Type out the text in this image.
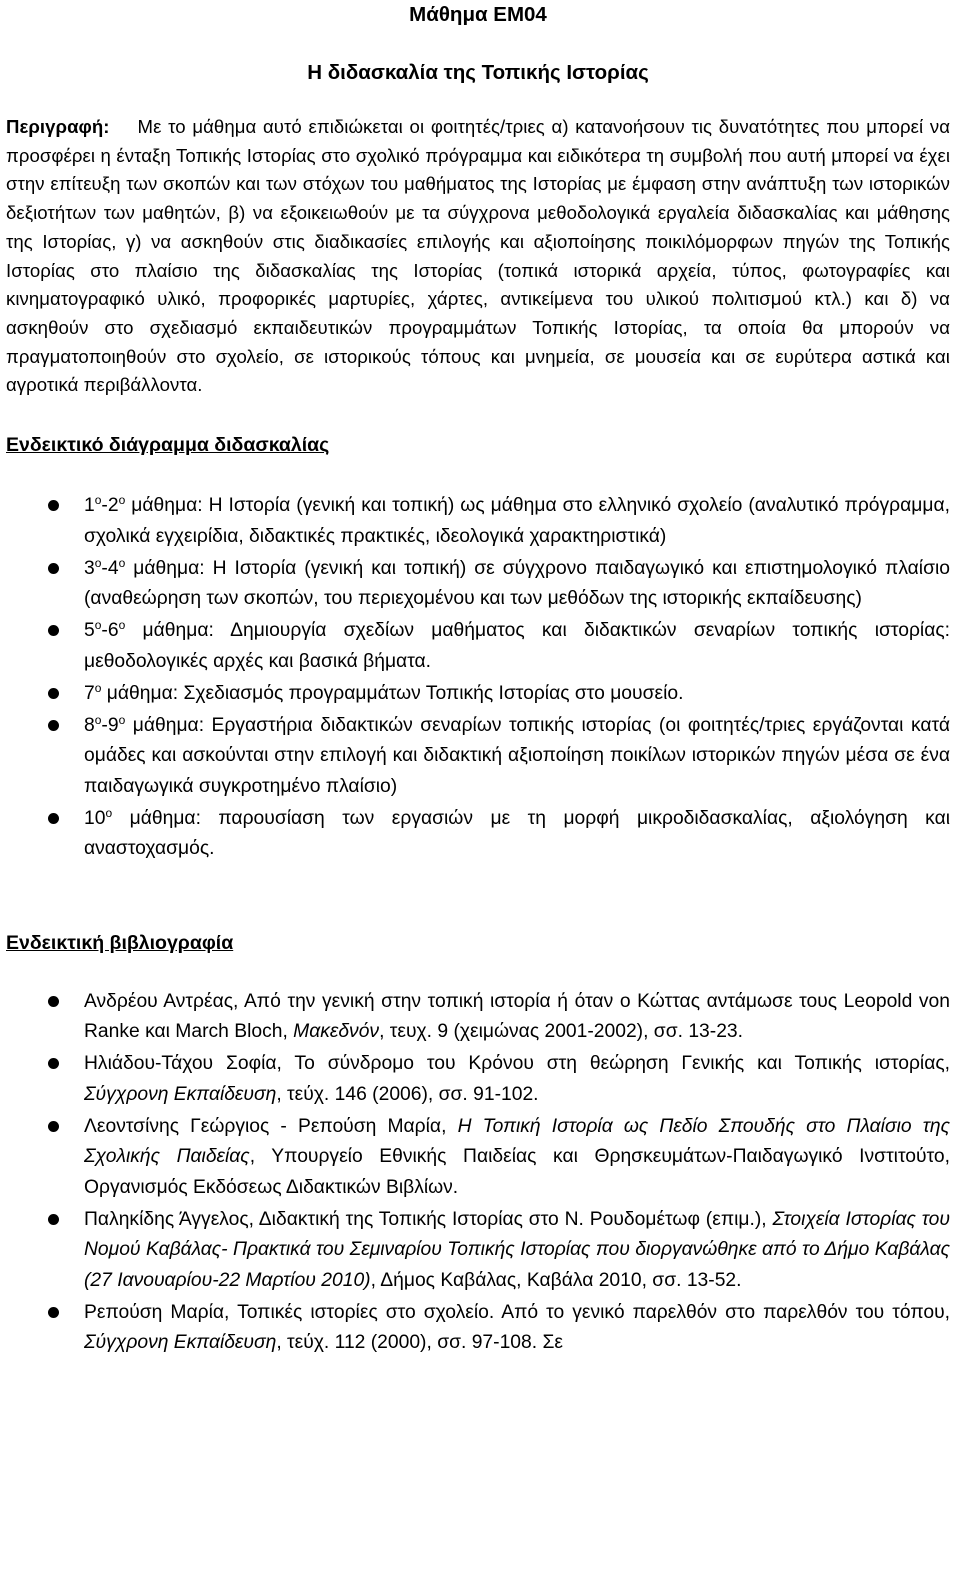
Μάθημα ΕΜ04
Η διδασκαλία της Τοπικής Ιστορίας

Περιγραφή: Με το μάθημα αυτό επιδιώκεται οι φοιτητές/τριες α) κατανοήσουν τις δυνατότητες που μπορεί να προσφέρει η ένταξη Τοπικής Ιστορίας στο σχολικό πρόγραμμα και ειδικότερα τη συμβολή που αυτή μπορεί να έχει στην επίτευξη των σκοπών και των στόχων του μαθήματος της Ιστορίας με έμφαση στην ανάπτυξη των ιστορικών δεξιοτήτων των μαθητών, β) να εξοικειωθούν με τα σύγχρονα μεθοδολογικά εργαλεία διδασκαλίας και μάθησης της Ιστορίας, γ) να ασκηθούν στις διαδικασίες επιλογής και αξιοποίησης ποικιλόμορφων πηγών της Τοπικής Ιστορίας στο πλαίσιο της διδασκαλίας της Ιστορίας (τοπικά ιστορικά αρχεία, τύπος, φωτογραφίες και κινηματογραφικό υλικό, προφορικές μαρτυρίες, χάρτες, αντικείμενα του υλικού πολιτισμού κτλ.) και δ) να ασκηθούν στο σχεδιασμό εκπαιδευτικών προγραμμάτων Τοπικής Ιστορίας, τα οποία θα μπορούν να πραγματοποιηθούν στο σχολείο, σε ιστορικούς τόπους και μνημεία, σε μουσεία και σε ευρύτερα αστικά και αγροτικά περιβάλλοντα.

Ενδεικτικό διάγραμμα διδασκαλίας
$1^o-2^o$ μάθημα: Η Ιστορία (γενική και τοπική) ως μάθημα στο ελληνικό σχολείο (αναλυτικό πρόγραμμα, σχολικά εγχειρίδια, διδακτικές πρακτικές, ιδεολογικά χαρακτηριστικά)
$3^o-4^o$ μάθημα: Η Ιστορία (γενική και τοπική) σε σύγχρονο παιδαγωγικό και επιστημολογικό πλαίσιο (αναθεώρηση των σκοπών, του περιεχομένου και των μεθόδων της ιστορικής εκπαίδευσης)
$5^o-6^o$ μάθημα: Δημιουργία σχεδίων μαθήματος και διδακτικών σεναρίων τοπικής ιστορίας: μεθοδολογικές αρχές και βασικά βήματα.
$7^o$ μάθημα: Σχεδιασμός προγραμμάτων Τοπικής Ιστορίας στο μουσείο.
$8^o-9^o$ μάθημα: Εργαστήρια διδακτικών σεναρίων τοπικής ιστορίας (οι φοιτητές/τριες εργάζονται κατά ομάδες και ασκούνται στην επιλογή και διδακτική αξιοποίηση ποικίλων ιστορικών πηγών μέσα σε ένα παιδαγωγικά συγκροτημένο πλαίσιο)
$10^o$ μάθημα: παρουσίαση των εργασιών με τη μορφή μικροδιδασκαλίας, αξιολόγηση και αναστοχασμός.
Ενδεικτική βιβλιογραφία
Ανδρέου Αντρέας, Από την γενική στην τοπική ιστορία ή όταν ο Κώττας αντάμωσε τους Leopold von Ranke και March Bloch, Μακεδνόν, τευχ. 9 (χειμώνας 2001-2002), σσ. 13-23.
Ηλιάδου-Τάχου Σοφία, Το σύνδρομο του Κρόνου στη θεώρηση Γενικής και Τοπικής ιστορίας, Σύγχρονη Εκπαίδευση, τεύχ. 146 (2006), σσ. 91-102.
Λεοντσίνης Γεώργιος - Ρεπούση Μαρία, Η Τοπική Ιστορία ως Πεδίο Σπουδής στο Πλαίσιο της Σχολικής Παιδείας, Υπουργείο Εθνικής Παιδείας και Θρησκευμάτων-Παιδαγωγικό Ινστιτούτο, Οργανισμός Εκδόσεως Διδακτικών Βιβλίων.
Παληκίδης Άγγελος, Διδακτική της Τοπικής Ιστορίας στο Ν. Ρουδομέτωφ (επιμ.), Στοιχεία Ιστορίας του Νομού Καβάλας- Πρακτικά του Σεμιναρίου Τοπικής Ιστορίας που διοργανώθηκε από το Δήμο Καβάλας (27 Ιανουαρίου-22 Μαρτίου 2010), Δήμος Καβάλας, Καβάλα 2010, σσ. 13-52.
Ρεπούση Μαρία, Τοπικές ιστορίες στο σχολείο. Από το γενικό παρελθόν στο παρελθόν του τόπου, Σύγχρονη Εκπαίδευση, τεύχ. 112 (2000), σσ. 97-108. Σε
